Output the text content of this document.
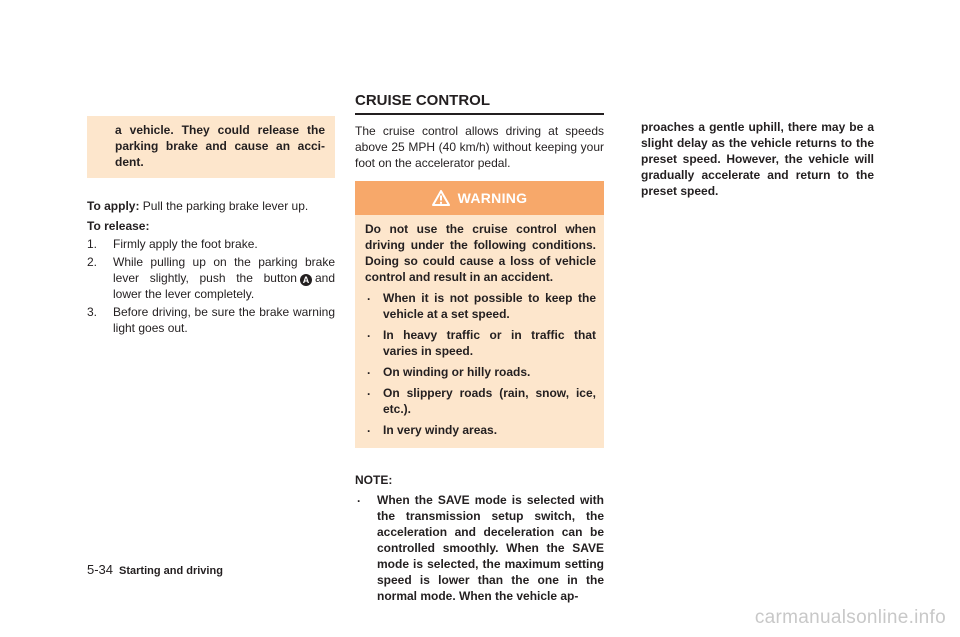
a vehicle. They could release the parking brake and cause an acci- dent.

To apply: Pull the parking brake lever up.

To release:

1. Firmly apply the foot brake.
2. While pulling up on the parking brake lever slightly, push the button A and lower the lever completely.
3. Before driving, be sure the brake warning light goes out.
CRUISE CONTROL

The cruise control allows driving at speeds above 25 MPH (40 km/h) without keeping your foot on the accelerator pedal.

WARNING
Do not use the cruise control when driving under the following conditions. Doing so could cause a loss of vehicle control and result in an accident.
. When it is not possible to keep the vehicle at a set speed.
. In heavy traffic or in traffic that varies in speed.
. On winding or hilly roads.
. On slippery roads (rain, snow, ice, etc.).
. In very windy areas.
NOTE:
. When the SAVE mode is selected with the transmission setup switch, the acceleration and deceleration can be controlled smoothly. When the SAVE mode is selected, the maximum setting speed is lower than the one in the normal mode. When the vehicle ap-
proaches a gentle uphill, there may be a slight delay as the vehicle returns to the preset speed. However, the vehicle will gradually accelerate and return to the preset speed.
5-34 Starting and driving
carmanualsonline.info
